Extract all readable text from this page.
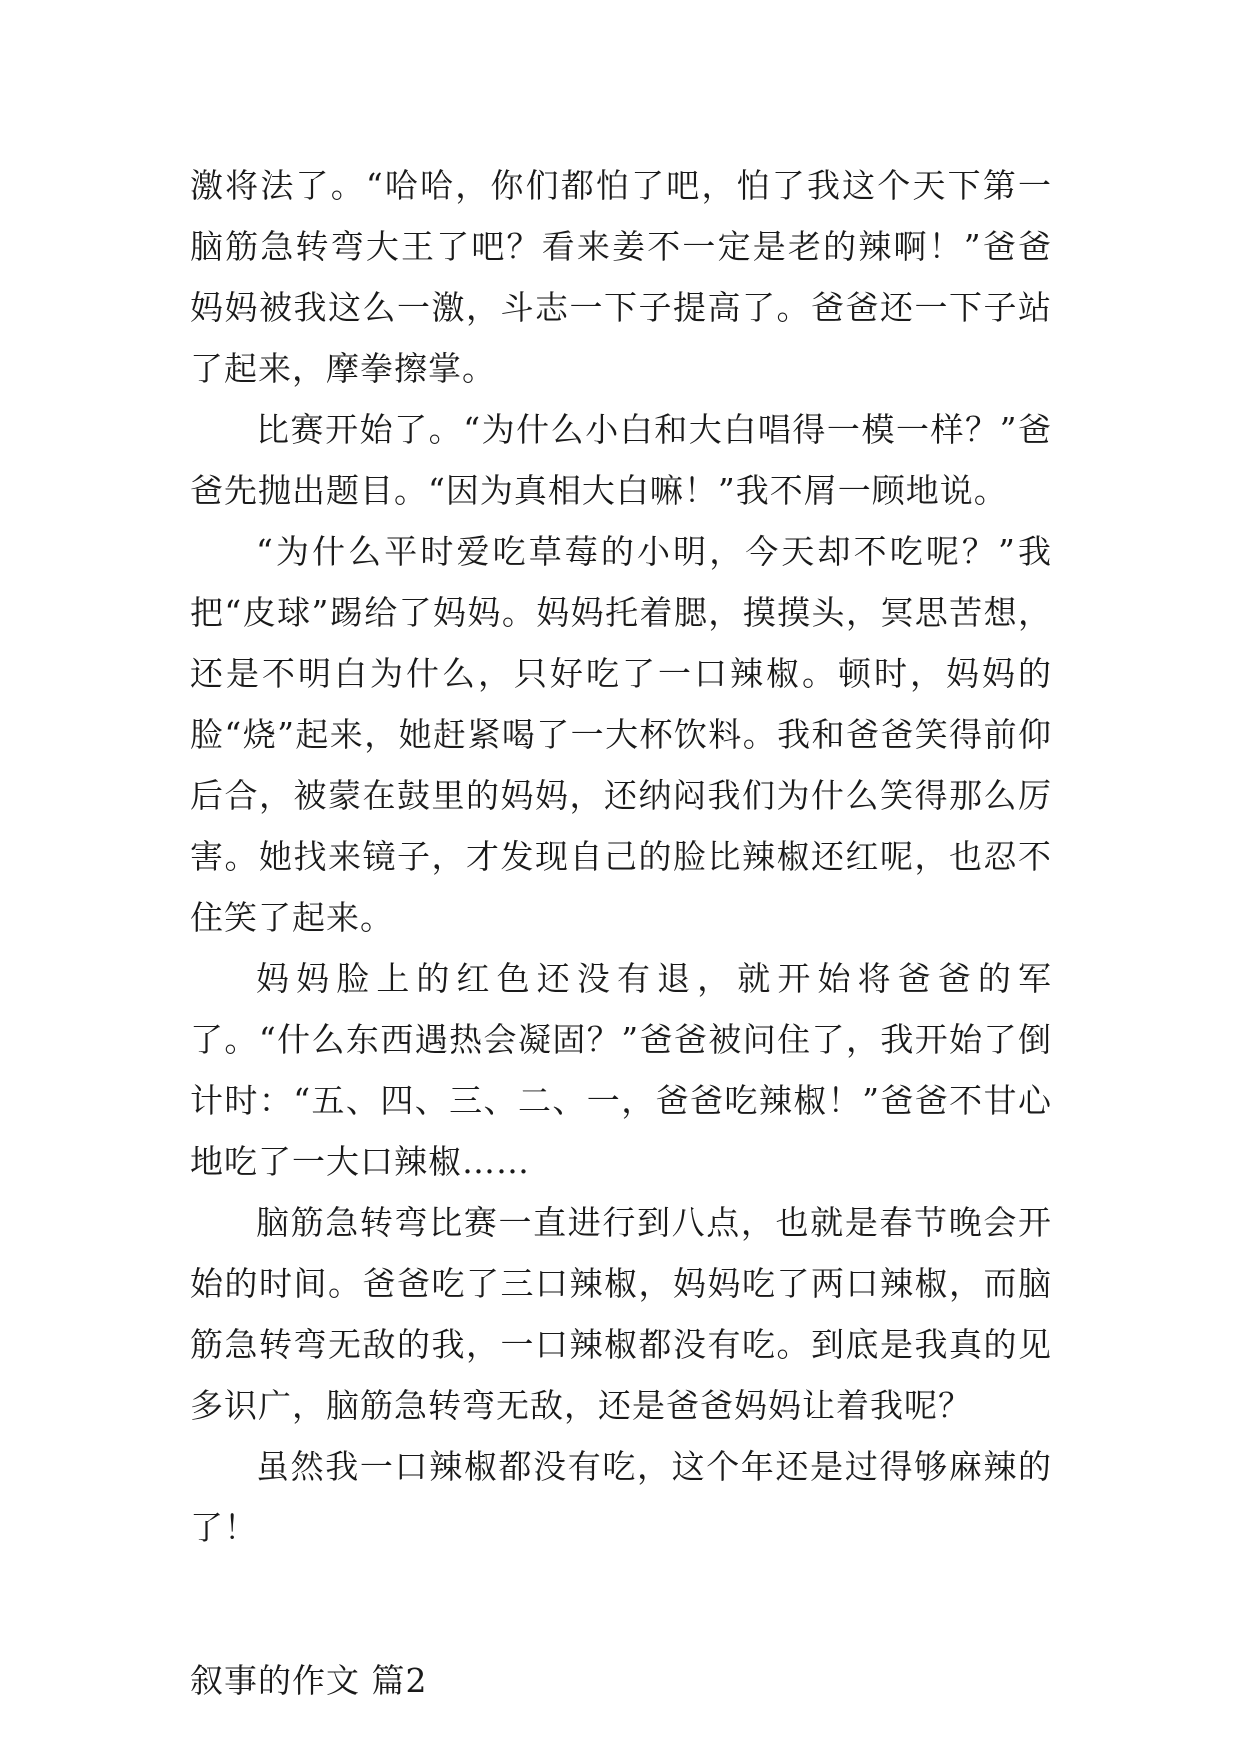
激将法了。“哈哈，你们都怕了吧，怕了我这个天下第一脑筋急转弯大王了吧？看来姜不一定是老的辣啊！”爸爸妈妈被我这么一激，斗志一下子提高了。爸爸还一下子站了起来，摩拳擦掌。

比赛开始了。“为什么小白和大白唱得一模一样？”爸爸先抛出题目。“因为真相大白嘛！”我不屑一顾地说。

“为什么平时爱吃草莓的小明，今天却不吃呢？”我把“皮球”踢给了妈妈。妈妈托着腮，摸摸头，冥思苦想，还是不明白为什么，只好吃了一口辣椒。顿时，妈妈的脸“烧”起来，她赶紧喝了一大杯饮料。我和爸爸笑得前仰后合，被蒙在鼓里的妈妈，还纳闷我们为什么笑得那么厉害。她找来镜子，才发现自己的脸比辣椒还红呢，也忍不住笑了起来。

妈妈脸上的红色还没有退，就开始将爸爸的军了。“什么东西遇热会凝固？”爸爸被问住了，我开始了倒计时：“五、四、三、二、一，爸爸吃辣椒！”爸爸不甘心地吃了一大口辣椒……

脑筋急转弯比赛一直进行到八点，也就是春节晚会开始的时间。爸爸吃了三口辣椒，妈妈吃了两口辣椒，而脑筋急转弯无敌的我，一口辣椒都没有吃。到底是我真的见多识广，脑筋急转弯无敌，还是爸爸妈妈让着我呢？

虽然我一口辣椒都没有吃，这个年还是过得够麻辣的了！

叙事的作文 篇2
